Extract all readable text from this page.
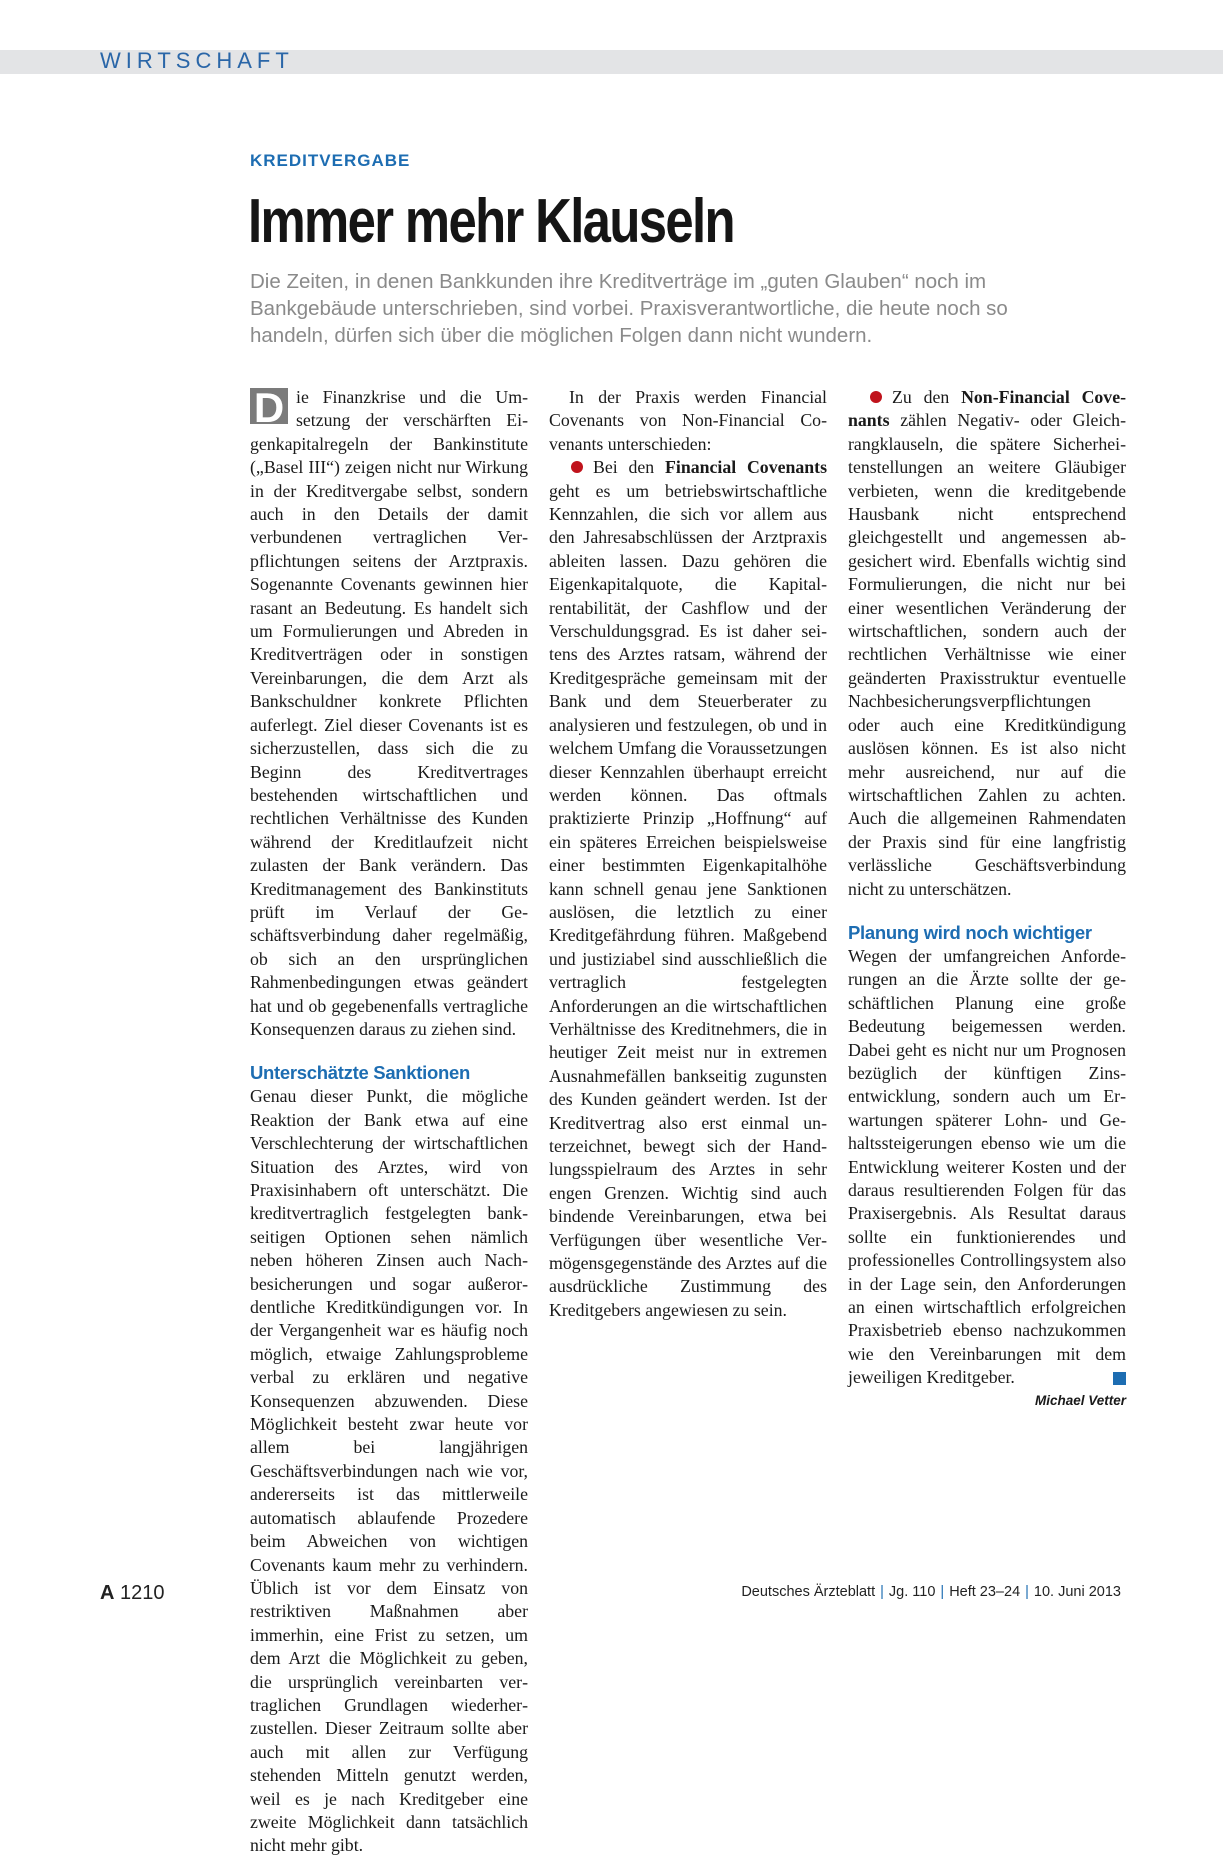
WIRTSCHAFT
KREDITVERGABE
Immer mehr Klauseln

Die Zeiten, in denen Bankkunden ihre Kreditverträge im „guten Glauben“ noch im Bankgebäude unterschrieben, sind vorbei. Praxisverantwortliche, die heute noch so handeln, dürfen sich über die möglichen Folgen dann nicht wundern.

D ie Finanzkrise und die Umsetzung der verschärften Eigenkapitalregeln der Bankinstitute („Basel III“) zeigen nicht nur Wirkung in der Kreditvergabe selbst, sondern auch in den Details der damit verbundenen vertraglichen Verpflichtungen seitens der Arztpraxis. Sogenannte Covenants gewinnen hier rasant an Bedeutung. Es handelt sich um Formulierungen und Abreden in Kreditverträgen oder in sonstigen Vereinbarungen, die dem Arzt als Bankschuldner konkrete Pflichten auferlegt. Ziel dieser Covenants ist es sicherzustellen, dass sich die zu Beginn des Kreditvertrages bestehenden wirtschaftlichen und rechtlichen Verhältnisse des Kunden während der Kreditlaufzeit nicht zulasten der Bank verändern. Das Kreditmanagement des Bankinstituts prüft im Verlauf der Geschäftsverbindung daher regelmäßig, ob sich an den ursprünglichen Rahmenbedingungen etwas geändert hat und ob gegebenenfalls vertragliche Konsequenzen daraus zu ziehen sind.

Unterschätzte Sanktionen

Genau dieser Punkt, die mögliche Reaktion der Bank etwa auf eine Verschlechterung der wirtschaftlichen Situation des Arztes, wird von Praxisinhabern oft unterschätzt. Die kreditvertraglich festgelegten bankseitigen Optionen sehen nämlich neben höheren Zinsen auch Nachbesicherungen und sogar außerordentliche Kreditkündigungen vor. In der Vergangenheit war es häufig noch möglich, etwaige Zahlungsprobleme verbal zu erklären und negative Konsequenzen abzuwenden. Diese Möglichkeit besteht zwar heute vor allem bei langjährigen Geschäftsverbindungen nach wie vor, andererseits ist das mittlerweile automatisch ablaufende Prozedere beim Abweichen von wichtigen Covenants kaum mehr zu verhindern. Üblich ist vor dem Einsatz von restriktiven Maßnahmen aber immerhin, eine Frist zu setzen, um dem Arzt die Möglichkeit zu geben, die ursprünglich vereinbarten vertraglichen Grundlagen wiederherzustellen. Dieser Zeitraum sollte aber auch mit allen zur Verfügung stehenden Mitteln genutzt werden, weil es je nach Kreditgeber eine zweite Möglichkeit dann tatsächlich nicht mehr gibt.

In der Praxis werden Financial Covenants von Non-Financial Covenants unterschieden:

Bei den Financial Covenants geht es um betriebswirtschaftliche Kennzahlen, die sich vor allem aus den Jahresabschlüssen der Arztpraxis ableiten lassen. Dazu gehören die Eigenkapitalquote, die Kapitalrentabilität, der Cashflow und der Verschuldungsgrad. Es ist daher seitens des Arztes ratsam, während der Kreditgespräche gemeinsam mit der Bank und dem Steuerberater zu analysieren und festzulegen, ob und in welchem Umfang die Voraussetzungen dieser Kennzahlen überhaupt erreicht werden können. Das oftmals praktizierte Prinzip „Hoffnung“ auf ein späteres Erreichen beispielsweise einer bestimmten Eigenkapitalhöhe kann schnell genau jene Sanktionen auslösen, die letztlich zu einer Kreditgefährdung führen. Maßgebend und justiziabel sind ausschließlich die vertraglich festgelegten Anforderungen an die wirtschaftlichen Verhältnisse des Kreditnehmers, die in heutiger Zeit meist nur in extremen Ausnahmefällen bankseitig zugunsten des Kunden geändert werden. Ist der Kreditvertrag also erst einmal unterzeichnet, bewegt sich der Handlungsspielraum des Arztes in sehr engen Grenzen. Wichtig sind auch bindende Vereinbarungen, etwa bei Verfügungen über wesentliche Vermögensgegenstände des Arztes auf die ausdrückliche Zustimmung des Kreditgebers angewiesen zu sein.

Zu den Non-Financial Covenants zählen Negativ- oder Gleichrangklauseln, die spätere Sicherheitenstellungen an weitere Gläubiger verbieten, wenn die kreditgebende Hausbank nicht entsprechend gleichgestellt und angemessen abgesichert wird. Ebenfalls wichtig sind Formulierungen, die nicht nur bei einer wesentlichen Veränderung der wirtschaftlichen, sondern auch der rechtlichen Verhältnisse wie einer geänderten Praxisstruktur eventuelle Nachbesicherungsverpflichtungen oder auch eine Kreditkündigung auslösen können. Es ist also nicht mehr ausreichend, nur auf die wirtschaftlichen Zahlen zu achten. Auch die allgemeinen Rahmendaten der Praxis sind für eine langfristig verlässliche Geschäftsverbindung nicht zu unterschätzen.

Planung wird noch wichtiger

Wegen der umfangreichen Anforderungen an die Ärzte sollte der geschäftlichen Planung eine große Bedeutung beigemessen werden. Dabei geht es nicht nur um Prognosen bezüglich der künftigen Zinsentwicklung, sondern auch um Erwartungen späterer Lohn- und Gehaltssteigerungen ebenso wie um die Entwicklung weiterer Kosten und der daraus resultierenden Folgen für das Praxisergebnis. Als Resultat daraus sollte ein funktionierendes und professionelles Controllingsystem also in der Lage sein, den Anforderungen an einen wirtschaftlich erfolgreichen Praxisbetrieb ebenso nachzukommen wie den Vereinbarungen mit dem jeweiligen Kreditgeber.

Michael Vetter
A 1210	Deutsches Ärzteblatt | Jg. 110 | Heft 23–24 | 10. Juni 2013
